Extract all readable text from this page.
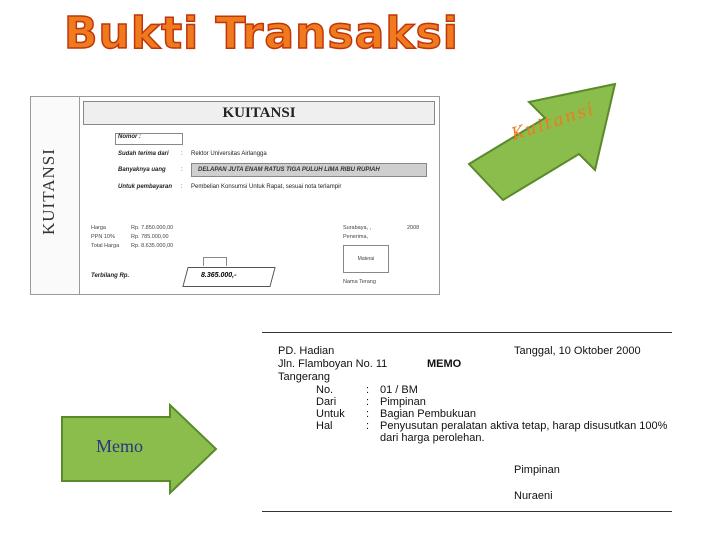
Bukti Transaksi
KUITANSI
KUITANSI
Nomor :
Sudah terima dari : Rektor Universitas Airlangga
Banyaknya uang	:	DELAPAN JUTA ENAM RATUS TIGA PULUH LIMA RIBU RUPIAH
Untuk pembayaran : Pembelian Konsumsi Untuk Rapat, sesuai nota terlampir
Harga	Rp. 7.850.000,00
PPN 10%	Rp. 785.000,00
Total Harga Rp. 8.635.000,00
Surabaya, ,	2008
Penerima,
Materai
Nama Terang
Terbilang Rp.	8.365.000,-
Kuitansi
Memo
PD. Hadian
Jln. Flamboyan No. 11
Tangerang
MEMO
Tanggal, 10 Oktober 2000
No.	: 01 / BM
Dari	: Pimpinan
Untuk : Bagian Pembukuan
Hal	: Penyusutan peralatan aktiva tetap, harap disusutkan 100%
dari harga perolehan.
Pimpinan
Nuraeni
